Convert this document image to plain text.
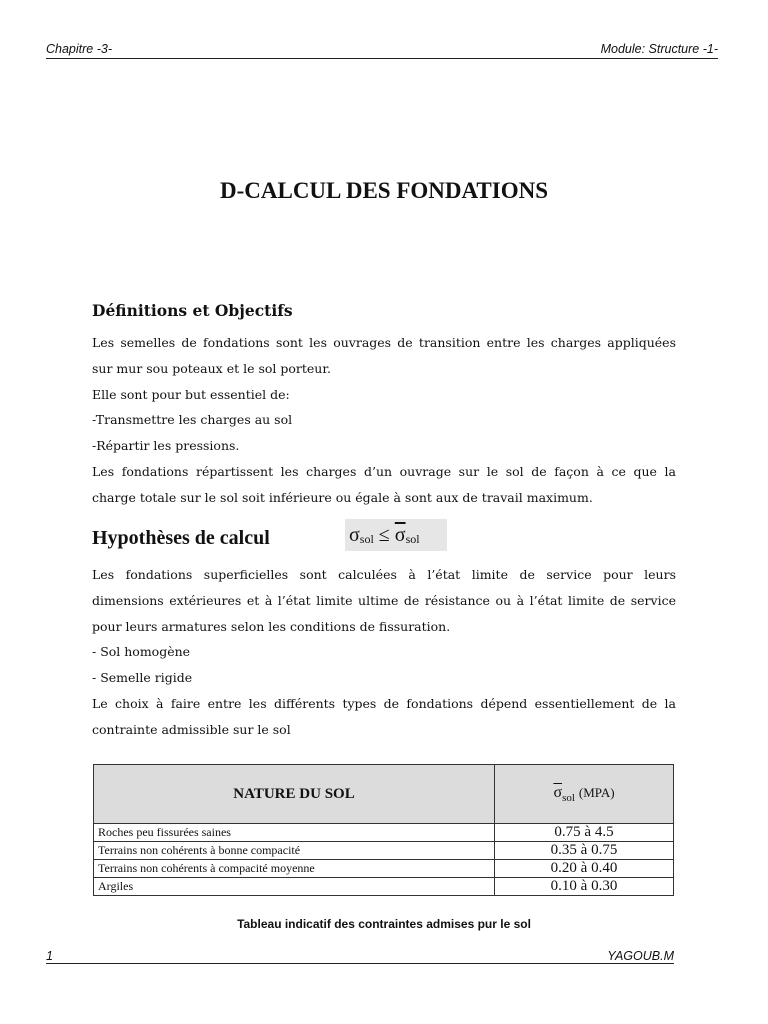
Chapitre -3-	Module: Structure -1-
D-CALCUL DES FONDATIONS
Définitions et Objectifs
Les semelles de fondations sont les ouvrages de transition entre les charges appliquées
sur mur sou poteaux et le sol porteur.
Elle sont pour but essentiel de:
-Transmettre les charges au sol
-Répartir les pressions.
Les fondations répartissent les charges d’un ouvrage sur le sol de façon à ce que la
charge totale sur le sol soit inférieure ou égale à sont aux de travail maximum.
Hypothèses de calcul	$\sigma_{sol} \le \overline{\sigma}_{sol}$
Les fondations superficielles sont calculées à l’état limite de service pour leurs
dimensions extérieures et à l’état limite ultime de résistance ou à l’état limite de service
pour leurs armatures selon les conditions de fissuration.
- Sol homogène
- Semelle rigide
Le choix à faire entre les différents types de fondations dépend essentiellement de la
contrainte admissible sur le sol
NATURE DU SOL	$\overline{\sigma}_{sol}$ (MPA)
Roches peu fissurées saines	0.75 à 4.5
Terrains non cohérents à bonne compacité	0.35 à 0.75
Terrains non cohérents à compacité moyenne	0.20 à 0.40
Argiles	0.10 à 0.30
Tableau indicatif des contraintes admises pur le sol
1	YAGOUB.M
